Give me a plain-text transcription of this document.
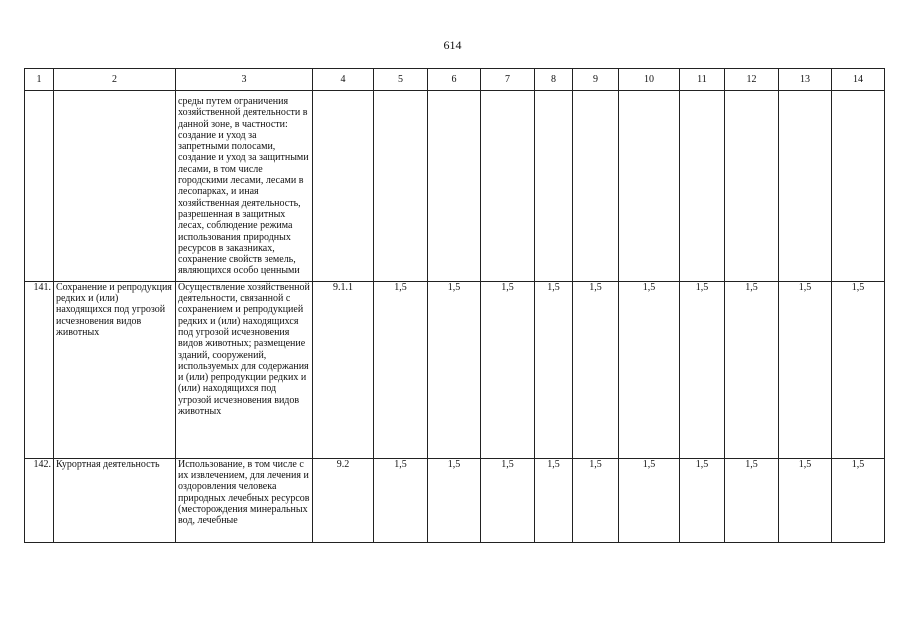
614
1	2	3	4	5	6	7	8	9	10	11	12	13	14
		среды путем ограничения хозяйственной деятельности в данной зоне, в частности: создание и уход за запретными полосами, создание и уход за защитными лесами, в том числе городскими лесами, лесами в лесопарках, и иная хозяйственная деятельность, разрешенная в защитных лесах, соблюдение режима использования природных ресурсов в заказниках, сохранение свойств земель, являющихся особо ценными											
141.	Сохранение и репродукция редких и (или) находящихся под угрозой исчезновения видов животных	Осуществление хозяйственной деятельности, связанной с сохранением и репродукцией редких и (или) находящихся под угрозой исчезновения видов животных; размещение зданий, сооружений, используемых для содержания и (или) репродукции редких и (или) находящихся под угрозой исчезновения видов животных	9.1.1	1,5	1,5	1,5	1,5	1,5	1,5	1,5	1,5	1,5	1,5
142.	Курортная деятельность	Использование, в том числе с их извлечением, для лечения и оздоровления человека природных лечебных ресурсов (месторождения минеральных вод, лечебные	9.2	1,5	1,5	1,5	1,5	1,5	1,5	1,5	1,5	1,5	1,5
